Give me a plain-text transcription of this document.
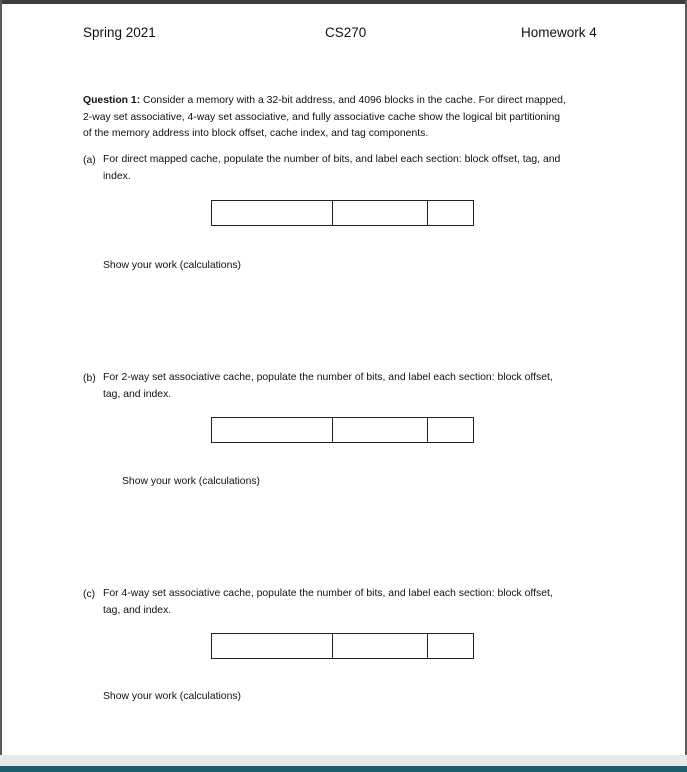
Spring 2021	CS270	Homework 4
Question 1: Consider a memory with a 32-bit address, and 4096 blocks in the cache. For direct mapped,
2-way set associative, 4-way set associative, and fully associative cache show the logical bit partitioning
of the memory address into block offset, cache index, and tag components.
(a) For direct mapped cache, populate the number of bits, and label each section: block offset, tag, and
index.
Show your work (calculations)
(b) For 2-way set associative cache, populate the number of bits, and label each section: block offset,
tag, and index.
Show your work (calculations)
(c) For 4-way set associative cache, populate the number of bits, and label each section: block offset,
tag, and index.
Show your work (calculations)
